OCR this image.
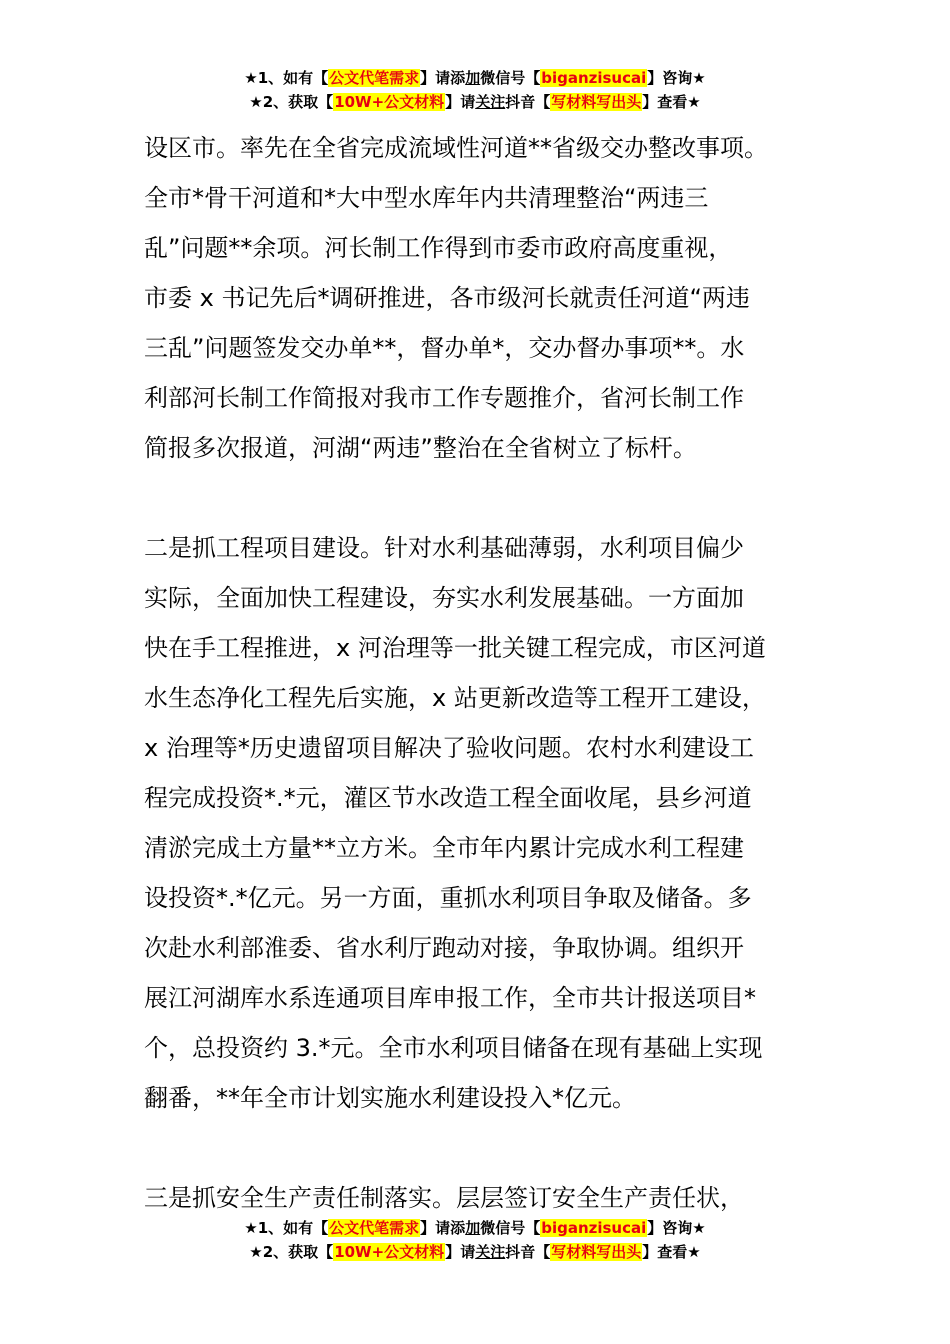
★1、如有【公文代笔需求】请添加微信号【biganzisucai】咨询★
★2、获取【10W+公文材料】请关注抖音【写材料写出头】查看★
设区市。率先在全省完成流域性河道**省级交办整改事项。
全市*骨干河道和*大中型水库年内共清理整治“两违三
乱”问题**余项。河长制工作得到市委市政府高度重视，
市委 x 书记先后*调研推进，各市级河长就责任河道“两违
三乱”问题签发交办单**，督办单*，交办督办事项**。水
利部河长制工作简报对我市工作专题推介，省河长制工作
简报多次报道，河湖“两违”整治在全省树立了标杆。
二是抓工程项目建设。针对水利基础薄弱，水利项目偏少
实际，全面加快工程建设，夯实水利发展基础。一方面加
快在手工程推进，x 河治理等一批关键工程完成，市区河道
水生态净化工程先后实施，x 站更新改造等工程开工建设，
x 治理等*历史遗留项目解决了验收问题。农村水利建设工
程完成投资*.*元，灌区节水改造工程全面收尾，县乡河道
清淤完成土方量**立方米。全市年内累计完成水利工程建
设投资*.*亿元。另一方面，重抓水利项目争取及储备。多
次赴水利部淮委、省水利厅跑动对接，争取协调。组织开
展江河湖库水系连通项目库申报工作，全市共计报送项目*
个，总投资约 3.*元。全市水利项目储备在现有基础上实现
翻番，**年全市计划实施水利建设投入*亿元。
三是抓安全生产责任制落实。层层签订安全生产责任状，
★1、如有【公文代笔需求】请添加微信号【biganzisucai】咨询★
★2、获取【10W+公文材料】请关注抖音【写材料写出头】查看★
